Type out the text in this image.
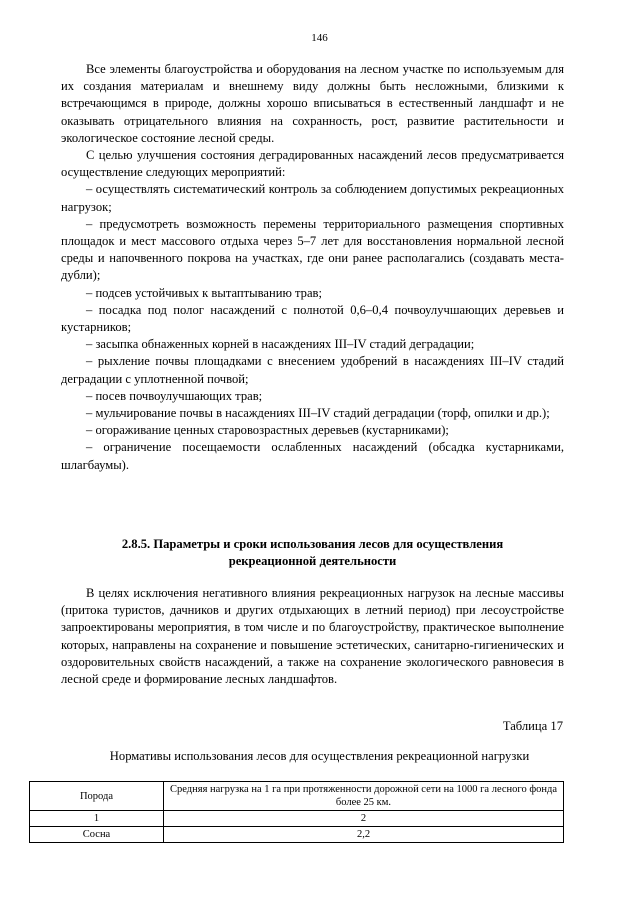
146

Все элементы благоустройства и оборудования на лесном участке по используемым для их создания материалам и внешнему виду должны быть несложными, близкими к встречающимся в природе, должны хорошо вписываться в естественный ландшафт и не оказывать отрицательного влияния на сохранность, рост, развитие растительности и экологическое состояние лесной среды.

С целью улучшения состояния деградированных насаждений лесов предусматривается осуществление следующих мероприятий:

– осуществлять систематический контроль за соблюдением допустимых рекреационных нагрузок;

– предусмотреть возможность перемены территориального размещения спортивных площадок и мест массового отдыха через 5–7 лет для восстановления нормальной лесной среды и напочвенного покрова на участках, где они ранее располагались (создавать места-дубли);

– подсев устойчивых к вытаптыванию трав;

– посадка под полог насаждений с полнотой 0,6–0,4 почвоулучшающих деревьев и кустарников;

– засыпка обнаженных корней в насаждениях III–IV стадий деградации;

– рыхление почвы площадками с внесением удобрений в насаждениях III–IV стадий деградации с уплотненной почвой;

– посев почвоулучшающих трав;

– мульчирование почвы в насаждениях III–IV стадий деградации (торф, опилки и др.);

– огораживание ценных старовозрастных деревьев (кустарниками);

– ограничение посещаемости ослабленных насаждений (обсадка кустарниками, шлагбаумы).

2.8.5. Параметры и сроки использования лесов для осуществления
рекреационной деятельности

В целях исключения негативного влияния рекреационных нагрузок на лесные массивы (притока туристов, дачников и других отдыхающих в летний период) при лесоустройстве запроектированы мероприятия, в том числе и по благоустройству, практическое выполнение которых, направлены на сохранение и повышение эстетических, санитарно-гигиенических и оздоровительных свойств насаждений, а также на сохранение экологического равновесия в лесной среде и формирование лесных ландшафтов.

Таблица 17
Нормативы использования лесов для осуществления рекреационной нагрузки
Порода	Средняя нагрузка на 1 га при протяженности дорожной сети на 1000 га лесного фонда более 25 км.
1	2
Сосна	2,2
